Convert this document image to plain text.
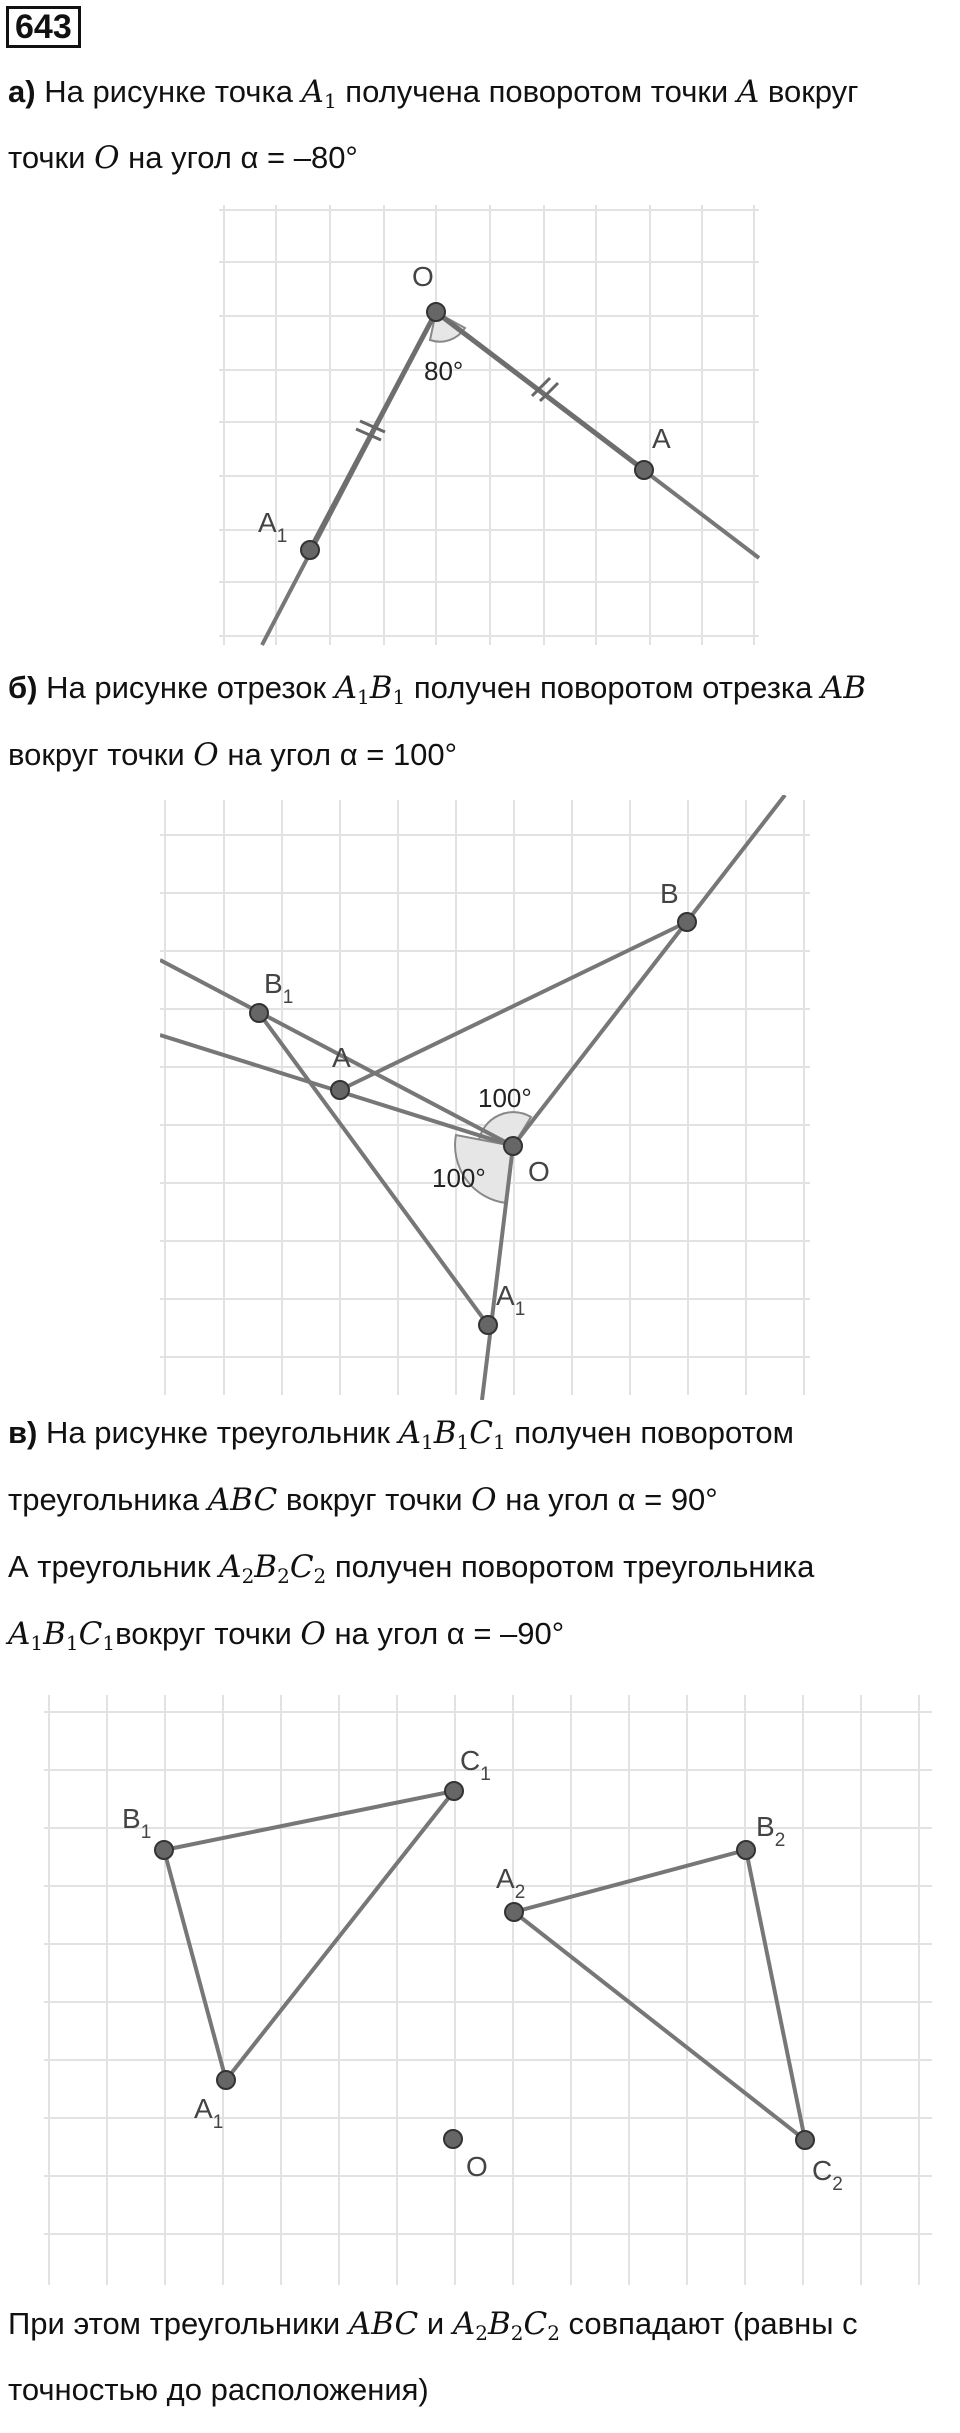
643
а) На рисунке точка $A_1$ получена поворотом точки A вокруг
точки O на угол α = –80°
O
A
$A_1$
80°
б) На рисунке отрезок $A_1B_1$ получен поворотом отрезка AB
вокруг точки O на угол α = 100°
B
$B_1$
A
O
$A_1$
100°
100°
в) На рисунке треугольник $A_1B_1C_1$ получен поворотом
треугольника ABC вокруг точки O на угол α = 90°
А треугольник $A_2B_2C_2$ получен поворотом треугольника
$A_1B_1C_1вокруг$ точки O на угол α = –90°
$B_1$
$C_1$
$A_1$
$A_2$
$B_2$
$C_2$
O
При этом треугольники ABC и $A_2B_2C_2$ совпадают (равны с
точностью до расположения)
